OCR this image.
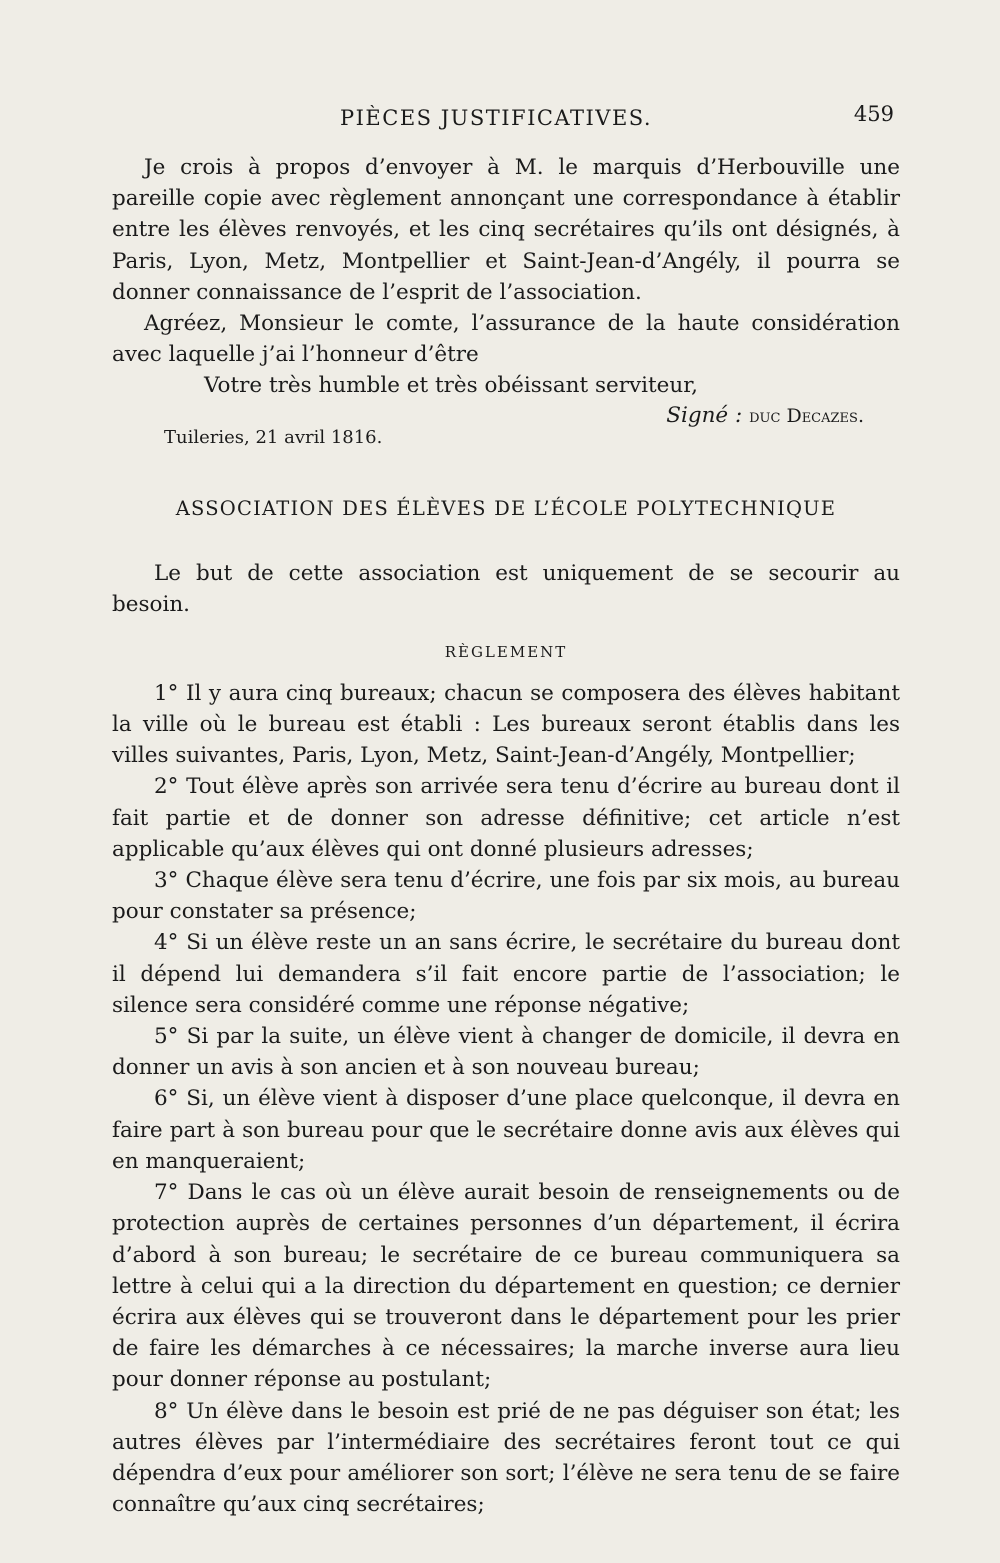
PIÈCES JUSTIFICATIVES.	459

Je crois à propos d’envoyer à M. le marquis d’Herbouville une pareille copie avec règlement annonçant une correspondance à établir entre les élèves renvoyés, et les cinq secrétaires qu’ils ont désignés, à Paris, Lyon, Metz, Montpellier et Saint-Jean-d’Angély, il pourra se donner connaissance de l’esprit de l’association.

Agréez, Monsieur le comte, l’assurance de la haute considération avec laquelle j’ai l’honneur d’être

Votre très humble et très obéissant serviteur,

Signé : duc Decazes.

Tuileries, 21 avril 1816.

ASSOCIATION DES ÉLÈVES DE L’ÉCOLE POLYTECHNIQUE

Le but de cette association est uniquement de se secourir au besoin.

RÈGLEMENT

1° Il y aura cinq bureaux; chacun se composera des élèves habitant la ville où le bureau est établi : Les bureaux seront établis dans les villes suivantes, Paris, Lyon, Metz, Saint-Jean-d’Angély, Montpellier;

2° Tout élève après son arrivée sera tenu d’écrire au bureau dont il fait partie et de donner son adresse définitive; cet article n’est applicable qu’aux élèves qui ont donné plusieurs adresses;

3° Chaque élève sera tenu d’écrire, une fois par six mois, au bureau pour constater sa présence;

4° Si un élève reste un an sans écrire, le secrétaire du bureau dont il dépend lui demandera s’il fait encore partie de l’association; le silence sera considéré comme une réponse négative;

5° Si par la suite, un élève vient à changer de domicile, il devra en donner un avis à son ancien et à son nouveau bureau;

6° Si, un élève vient à disposer d’une place quelconque, il devra en faire part à son bureau pour que le secrétaire donne avis aux élèves qui en manqueraient;

7° Dans le cas où un élève aurait besoin de renseignements ou de protection auprès de certaines personnes d’un département, il écrira d’abord à son bureau; le secrétaire de ce bureau communiquera sa lettre à celui qui a la direction du département en question; ce dernier écrira aux élèves qui se trouveront dans le département pour les prier de faire les démarches à ce nécessaires; la marche inverse aura lieu pour donner réponse au postulant;

8° Un élève dans le besoin est prié de ne pas déguiser son état; les autres élèves par l’intermédiaire des secrétaires feront tout ce qui dépendra d’eux pour améliorer son sort; l’élève ne sera tenu de se faire connaître qu’aux cinq secrétaires;
